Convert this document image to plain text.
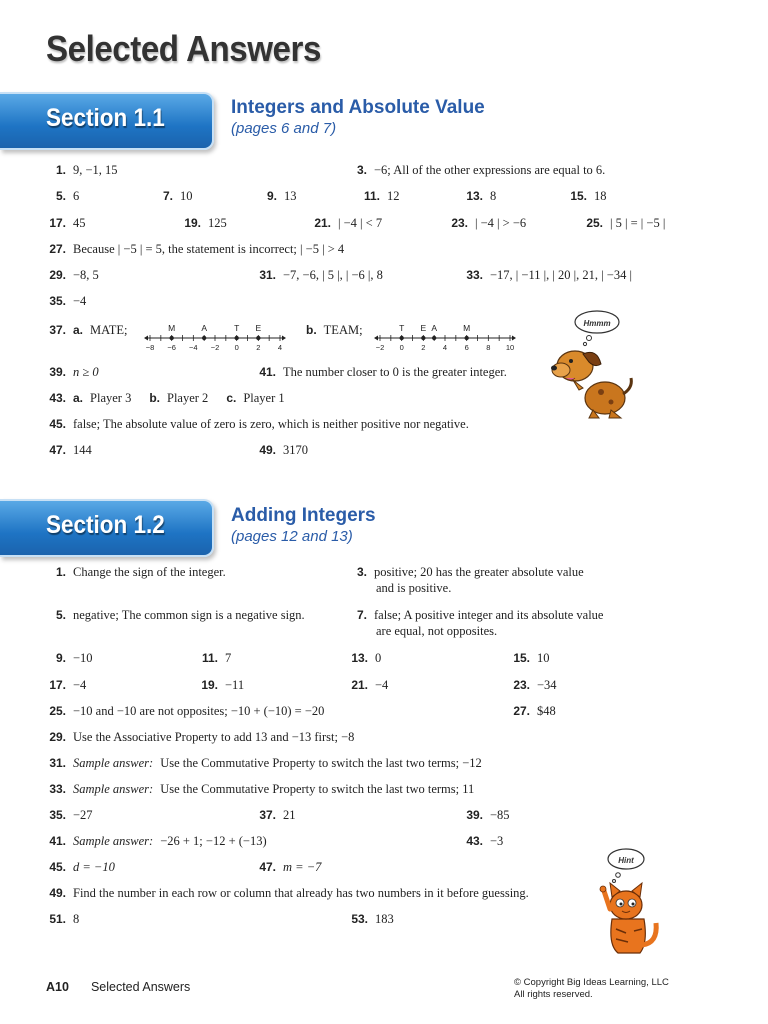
Selected Answers
Section 1.1	Integers and Absolute Value
(pages 6 and 7)
1. 9, −1, 15	3. −6; All of the other expressions are equal to 6.
5. 6	7. 10	9. 13	11. 12	13. 8	15. 18
17. 45	19. 125	21. | −4 | < 7	23. | −4 | > −6	25. | 5 | = | −5 |
27. Because | −5 | = 5, the statement is incorrect; | −5 | > 4
29. −8, 5	31. −7, −6, | 5 |, | −6 |, 8	33. −17, | −11 |, | 20 |, 21, | −34 |
35. −4
37. a. MATE;
−8 −6 −4 −2 0 2 4
M	A	T E	b. TEAM;
−2 0 2 4 6 8 10
T E A	M
39. n ≥ 0	41. The number closer to 0 is the greater integer.
43. a. Player 3 b. Player 2 c. Player 1
45. false; The absolute value of zero is zero, which is neither positive nor negative.
47. 144	49. 3170
Hmmm
Section 1.2	Adding Integers
(pages 12 and 13)
1. Change the sign of the integer.	3. positive; 20 has the greater absolute value
and is positive.
5. negative; The common sign is a negative sign.	7. false; A positive integer and its absolute value
are equal, not opposites.
9. −10	11. 7	13. 0	15. 10
17. −4	19. −11	21. −4	23. −34
25. −10 and −10 are not opposites; −10 + (−10) = −20	27. $48
29. Use the Associative Property to add 13 and −13 first; −8
31. Sample answer: Use the Commutative Property to switch the last two terms; −12
33. Sample answer: Use the Commutative Property to switch the last two terms; 11
35. −27	37. 21	39. −85
41. Sample answer: −26 + 1; −12 + (−13)	43. −3
45. d = −10	47. m = −7
49. Find the number in each row or column that already has two numbers in it before guessing.
51. 8	53. 183
Hint
A10 Selected Answers	© Copyright Big Ideas Learning, LLC
All rights reserved.
